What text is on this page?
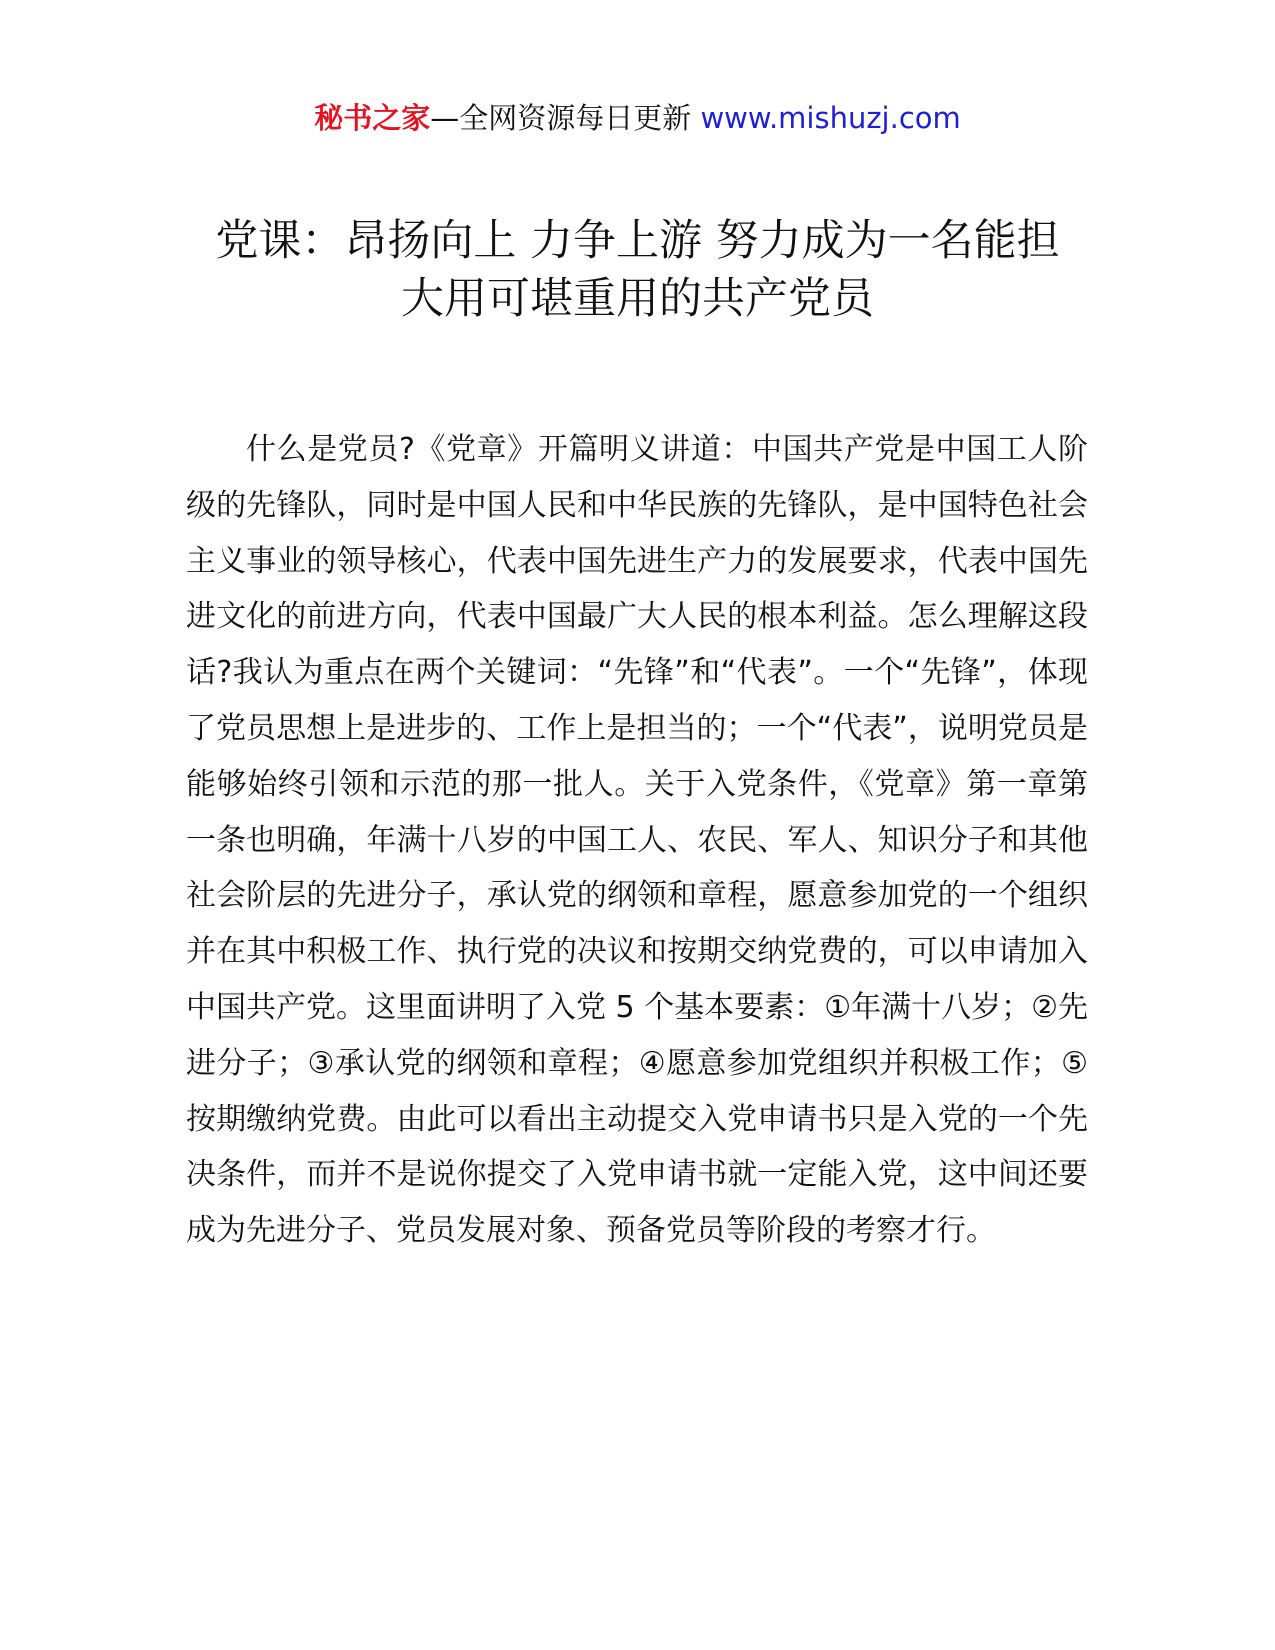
秘书之家—全网资源每日更新 www.mishuzj.com
党课：昂扬向上 力争上游 努力成为一名能担
大用可堪重用的共产党员

什么是党员?《党章》开篇明义讲道：中国共产党是中国工人阶级的先锋队，同时是中国人民和中华民族的先锋队，是中国特色社会主义事业的领导核心，代表中国先进生产力的发展要求，代表中国先进文化的前进方向，代表中国最广大人民的根本利益。怎么理解这段话?我认为重点在两个关键词：“先锋”和“代表”。一个“先锋”，体现了党员思想上是进步的、工作上是担当的；一个“代表”，说明党员是能够始终引领和示范的那一批人。关于入党条件，《党章》第一章第一条也明确，年满十八岁的中国工人、农民、军人、知识分子和其他社会阶层的先进分子，承认党的纲领和章程，愿意参加党的一个组织并在其中积极工作、执行党的决议和按期交纳党费的，可以申请加入中国共产党。这里面讲明了入党 5 个基本要素：①年满十八岁；②先进分子；③承认党的纲领和章程；④愿意参加党组织并积极工作；⑤按期缴纳党费。由此可以看出主动提交入党申请书只是入党的一个先决条件，而并不是说你提交了入党申请书就一定能入党，这中间还要成为先进分子、党员发展对象、预备党员等阶段的考察才行。
